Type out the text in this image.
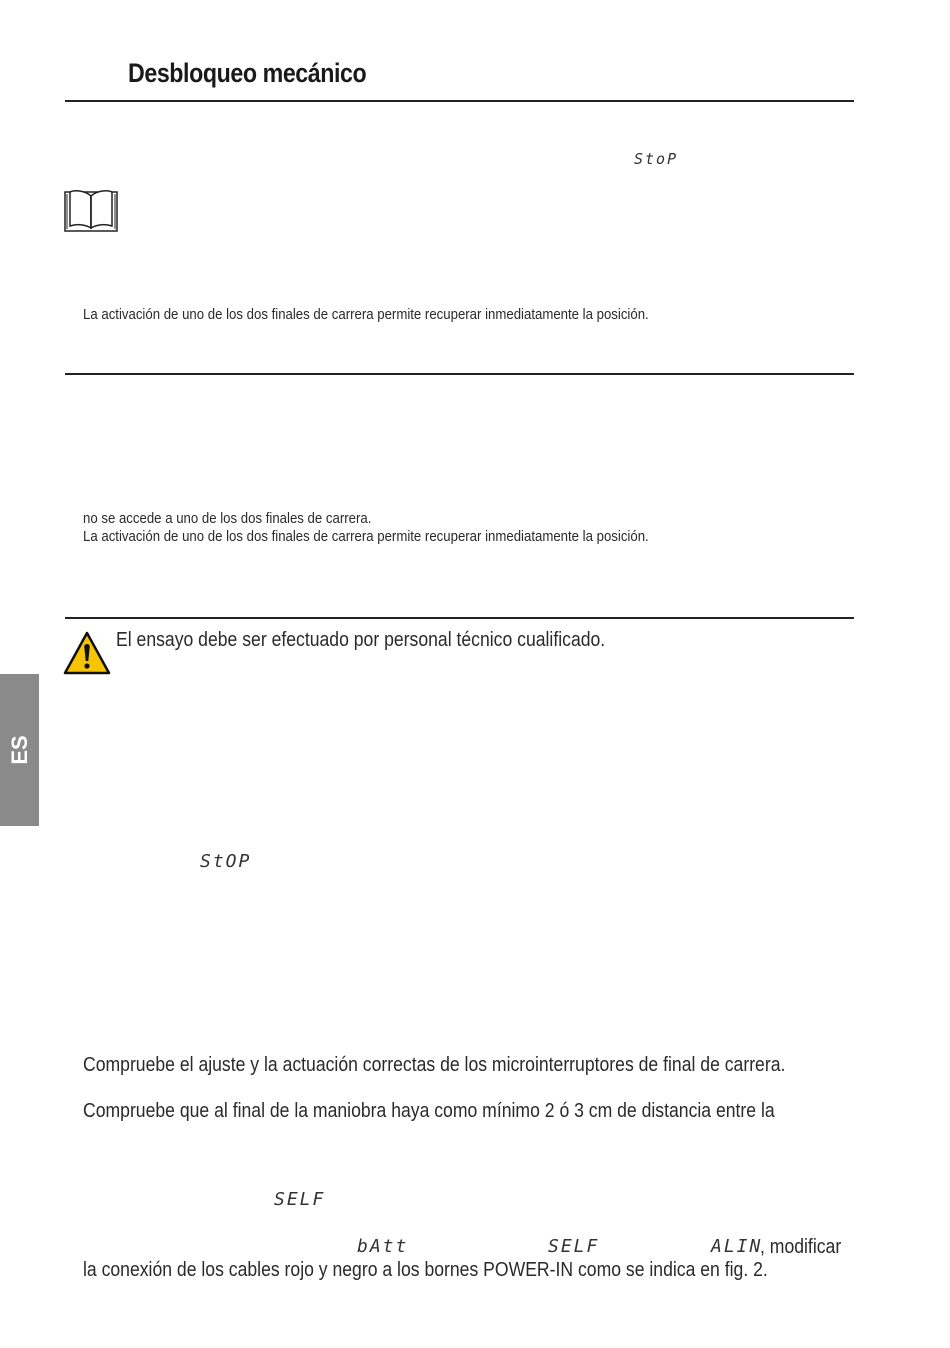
Desbloqueo mecánico
StoP
La activación de uno de los dos finales de carrera permite recuperar inmediatamente la posición.
no se accede a uno de los dos finales de carrera.
La activación de uno de los dos finales de carrera permite recuperar inmediatamente la posición.
El ensayo debe ser efectuado por personal técnico cualificado.
ES
StOP
Compruebe el ajuste y la actuación correctas de los microinterruptores de final de carrera.
Compruebe que al final de la maniobra haya como mínimo 2 ó 3 cm de distancia entre la
SELF
bAtt	SELF	ALIN
, modificar
la conexión de los cables rojo y negro a los bornes POWER-IN como se indica en fig. 2.
